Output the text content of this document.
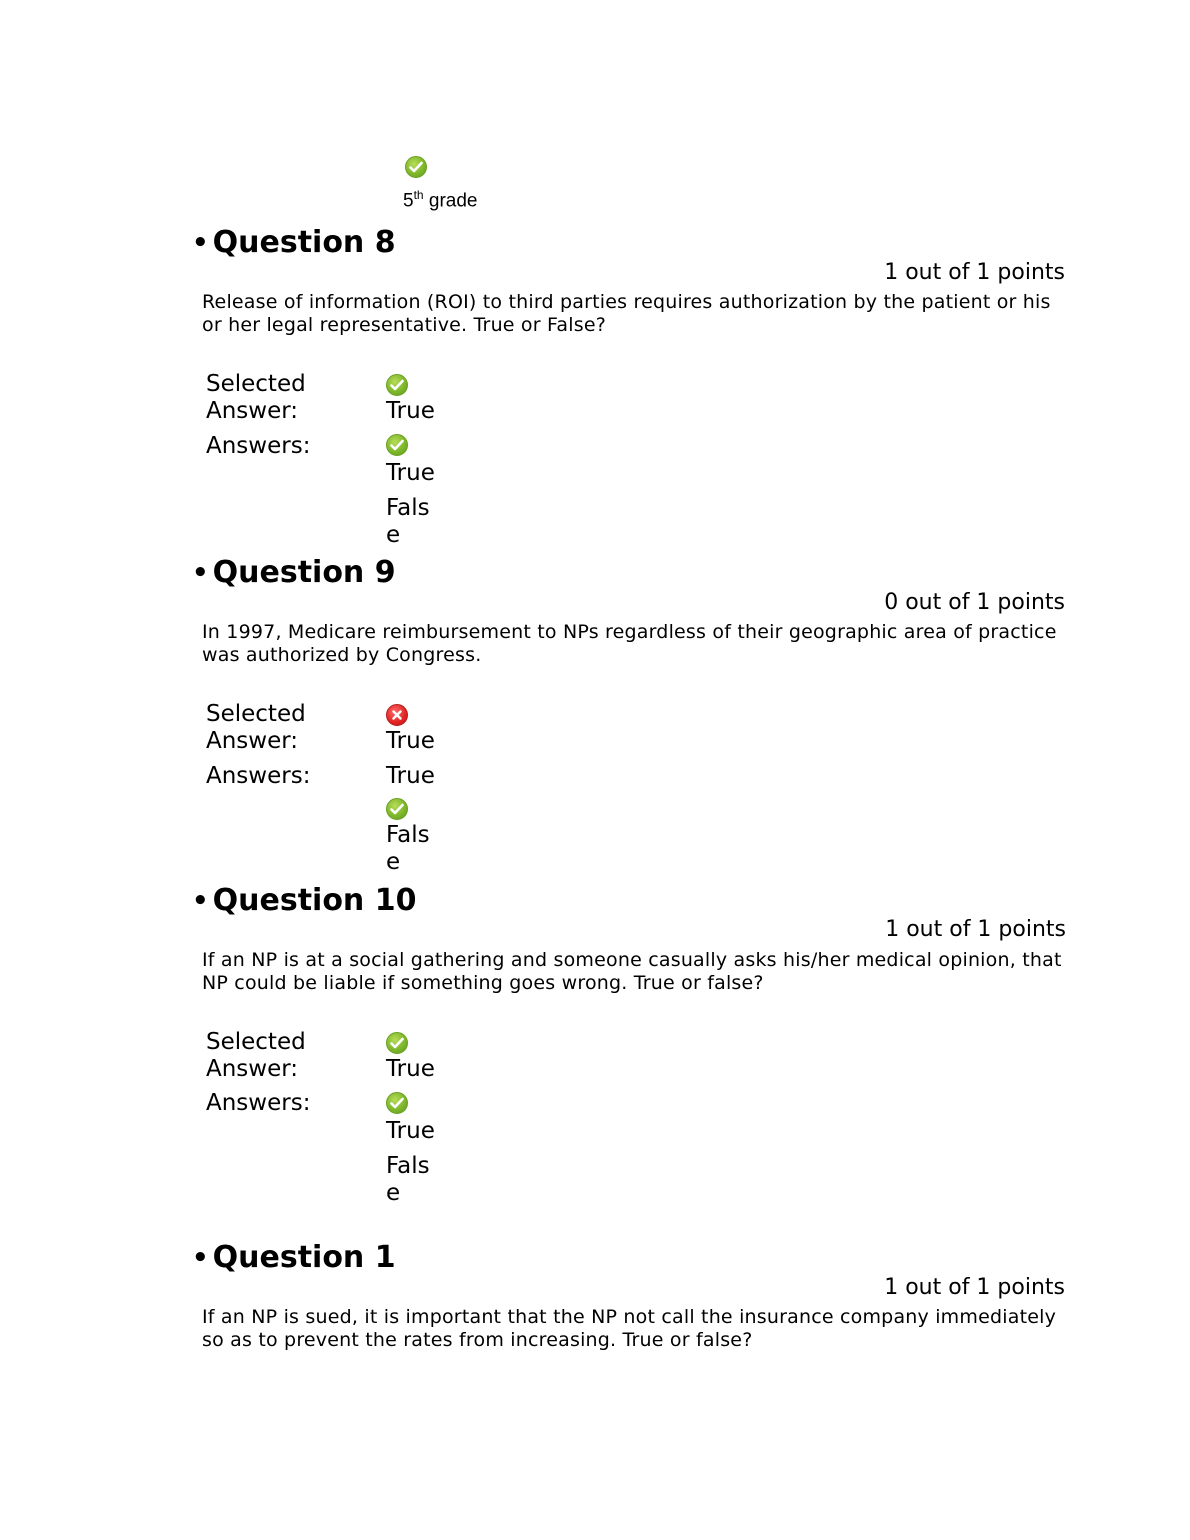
5th grade
• Question 8
1 out of 1 points
Release of information (ROI) to third parties requires authorization by the patient or his or her legal representative. True or False?
Selected
Answer:	True
Answers:
True
Fals
e
• Question 9
0 out of 1 points
In 1997, Medicare reimbursement to NPs regardless of their geographic area of practice was authorized by Congress.
Selected
Answer:	True
Answers:	True
Fals
e
• Question 10
1 out of 1 points
If an NP is at a social gathering and someone casually asks his/her medical opinion, that NP could be liable if something goes wrong. True or false?
Selected
Answer:	True
Answers:
True
Fals
e
• Question 1
1 out of 1 points
If an NP is sued, it is important that the NP not call the insurance company immediately so as to prevent the rates from increasing. True or false?
